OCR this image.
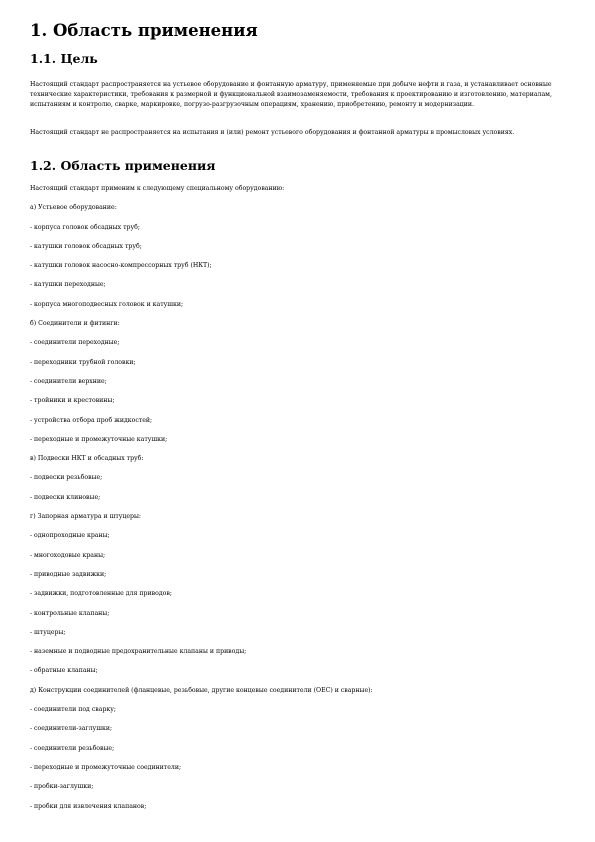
1. Область применения
1.1. Цель

Настоящий стандарт распространяется на устьевое оборудование и фонтанную арматуру, применяемые при добыче нефти и газа, и устанавливает основные технические характеристики, требования к размерной и функциональной взаимозаменяемости, требования к проектированию и изготовлению, материалам, испытаниям и контролю, сварке, маркировке, погрузо-разгрузочным операциям, хранению, приобретению, ремонту и модернизации.

Настоящий стандарт не распространяется на испытания и (или) ремонт устьевого оборудования и фонтанной арматуры в промысловых условиях.

1.2. Область применения
Настоящий стандарт применим к следующему специальному оборудованию:
а) Устьевое оборудование:
- корпуса головок обсадных труб;
- катушки головок обсадных труб;
- катушки головок насосно-компрессорных труб (НКТ);
- катушки переходные;
- корпуса многоподвесных головок и катушки;
б) Соединители и фитинги:
- соединители переходные;
- переходники трубной головки;
- соединители верхние;
- тройники и крестовины;
- устройства отбора проб жидкостей;
- переходные и промежуточные катушки;
в) Подвески НКТ и обсадных труб:
- подвески резьбовые;
- подвески клиновые;
г) Запорная арматура и штуцеры:
- однопроходные краны;
- многоходовые краны;
- приводные задвижки;
- задвижки, подготовленные для приводов;
- контрольные клапаны;
- штуцеры;
- наземные и подводные предохранительные клапаны и приводы;
- обратные клапаны;
д) Конструкции соединителей (фланцевые, резьбовые, другие концевые соединители (ОЕС) и сварные):
- соединители под сварку;
- соединители-заглушки;
- соединители резьбовые;
- переходные и промежуточные соединители;
- пробки-заглушки;
- пробки для извлечения клапанов;
